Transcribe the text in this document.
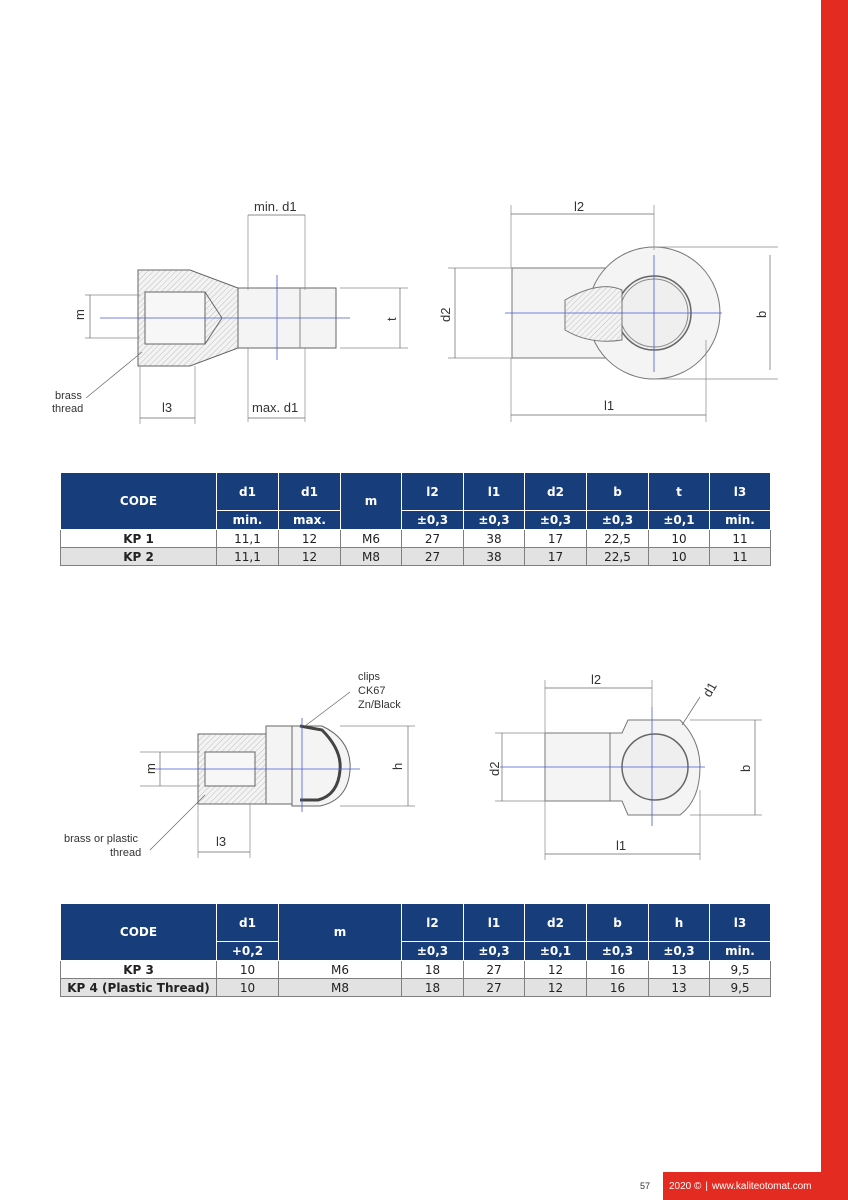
min. d1
max. d1
m	t
l3
brass
thread
l2
l1
d2	b
CODE	d1	d1	m	l2	l1	d2	b	t	l3
	min.	max.		±0,3	±0,3	±0,3	±0,3	±0,1	min.
KP 1	11,1	12	M6	27	38	17	22,5	10	11
KP 2	11,1	12	M8	27	38	17	22,5	10	11
m	h
l3
brass or plastic
thread
clips
CK67
Zn/Black
l2
l1
d2	b
d1
CODE	d1	m	l2	l1	d2	b	h	l3
	+0,2		±0,3	±0,3	±0,1	±0,3	±0,3	min.
KP 3	10	M6	18	27	12	16	13	9,5
KP 4 (Plastic Thread)	10	M8	18	27	12	16	13	9,5
57 2020 © | www.kaliteotomat.com
